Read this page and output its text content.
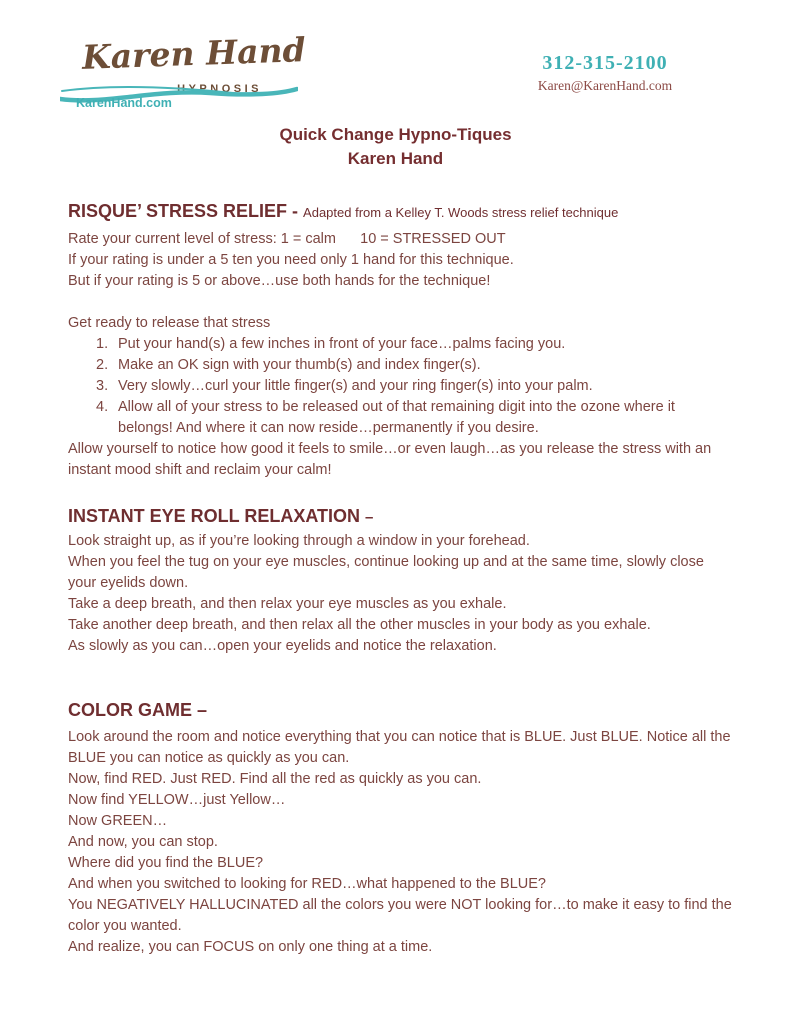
Karen Hand
HYPNOSIS
KarenHand.com
312-315-2100
Karen@KarenHand.com
Quick Change Hypno-Tiques
Karen Hand
RISQUE’ STRESS RELIEF - Adapted from a Kelley T. Woods stress relief technique
Rate your current level of stress: 1 = calm      10 = STRESSED OUT
If your rating is under a 5 ten you need only 1 hand for this technique.
But if your rating is 5 or above…use both hands for the technique!
Get ready to release that stress
1. Put your hand(s) a few inches in front of your face…palms facing you.
2. Make an OK sign with your thumb(s) and index finger(s).
3. Very slowly…curl your little finger(s) and your ring finger(s) into your palm.
4. Allow all of your stress to be released out of that remaining digit into the ozone where it
belongs! And where it can now reside…permanently if you desire.
Allow yourself to notice how good it feels to smile…or even laugh…as you release the stress with an
instant mood shift and reclaim your calm!
INSTANT EYE ROLL RELAXATION –
Look straight up, as if you’re looking through a window in your forehead.
When you feel the tug on your eye muscles, continue looking up and at the same time, slowly close
your eyelids down.
Take a deep breath, and then relax your eye muscles as you exhale.
Take another deep breath, and then relax all the other muscles in your body as you exhale.
As slowly as you can…open your eyelids and notice the relaxation.
COLOR GAME –
Look around the room and notice everything that you can notice that is BLUE. Just BLUE. Notice all the
BLUE you can notice as quickly as you can.
Now, find RED. Just RED. Find all the red as quickly as you can.
Now find YELLOW…just Yellow…
Now GREEN…
And now, you can stop.
Where did you find the BLUE?
And when you switched to looking for RED…what happened to the BLUE?
You NEGATIVELY HALLUCINATED all the colors you were NOT looking for…to make it easy to find the
color you wanted.
And realize, you can FOCUS on only one thing at a time.
